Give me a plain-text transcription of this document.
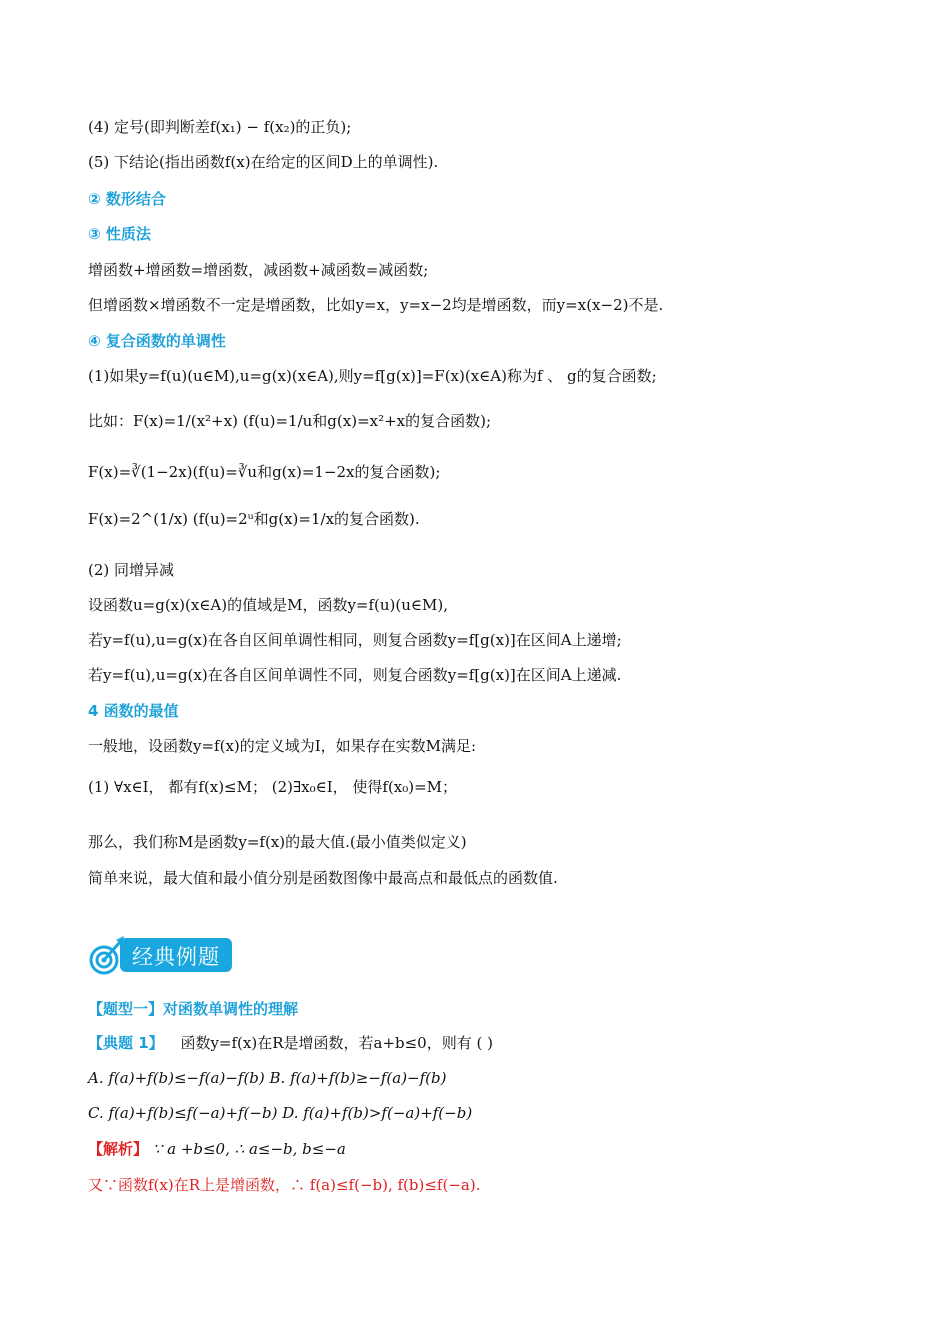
(4) 定号(即判断差f(x₁) − f(x₂)的正负);
(5) 下结论(指出函数f(x)在给定的区间D上的单调性).
② 数形结合
③ 性质法
增函数+增函数=增函数，减函数+减函数=减函数;
但增函数×增函数不一定是增函数，比如y=x，y=x−2均是增函数，而y=x(x−2)不是.
④ 复合函数的单调性
(1)如果y=f(u)(u∈M),u=g(x)(x∈A),则y=f[g(x)]=F(x)(x∈A)称为f 、 g的复合函数;
比如：F(x)=1/(x²+x) (f(u)=1/u和g(x)=x²+x的复合函数);
F(x)=∛(1−2x)(f(u)=∛u和g(x)=1−2x的复合函数);
F(x)=2^(1/x) (f(u)=2ᵘ和g(x)=1/x的复合函数).
(2) 同增异减
设函数u=g(x)(x∈A)的值域是M，函数y=f(u)(u∈M),
若y=f(u),u=g(x)在各自区间单调性相同，则复合函数y=f[g(x)]在区间A上递增;
若y=f(u),u=g(x)在各自区间单调性不同，则复合函数y=f[g(x)]在区间A上递减.
4 函数的最值
一般地，设函数y=f(x)的定义域为I，如果存在实数M满足:
(1) ∀x∈I， 都有f(x)≤M； (2)∃x₀∈I， 使得f(x₀)=M；
那么，我们称M是函数y=f(x)的最大值.(最小值类似定义)
简单来说，最大值和最小值分别是函数图像中最高点和最低点的函数值.
经典例题
【题型一】对函数单调性的理解
【典题 1】 函数y=f(x)在R是增函数，若a+b≤0，则有 ( )
A. f(a)+f(b)≤−f(a)−f(b) B. f(a)+f(b)≥−f(a)−f(b)
C. f(a)+f(b)≤f(−a)+f(−b) D. f(a)+f(b)>f(−a)+f(−b)
【解析】 ∵ a +b≤0, ∴ a≤−b, b≤−a
又∵函数f(x)在R上是增函数，∴ f(a)≤f(−b), f(b)≤f(−a).
